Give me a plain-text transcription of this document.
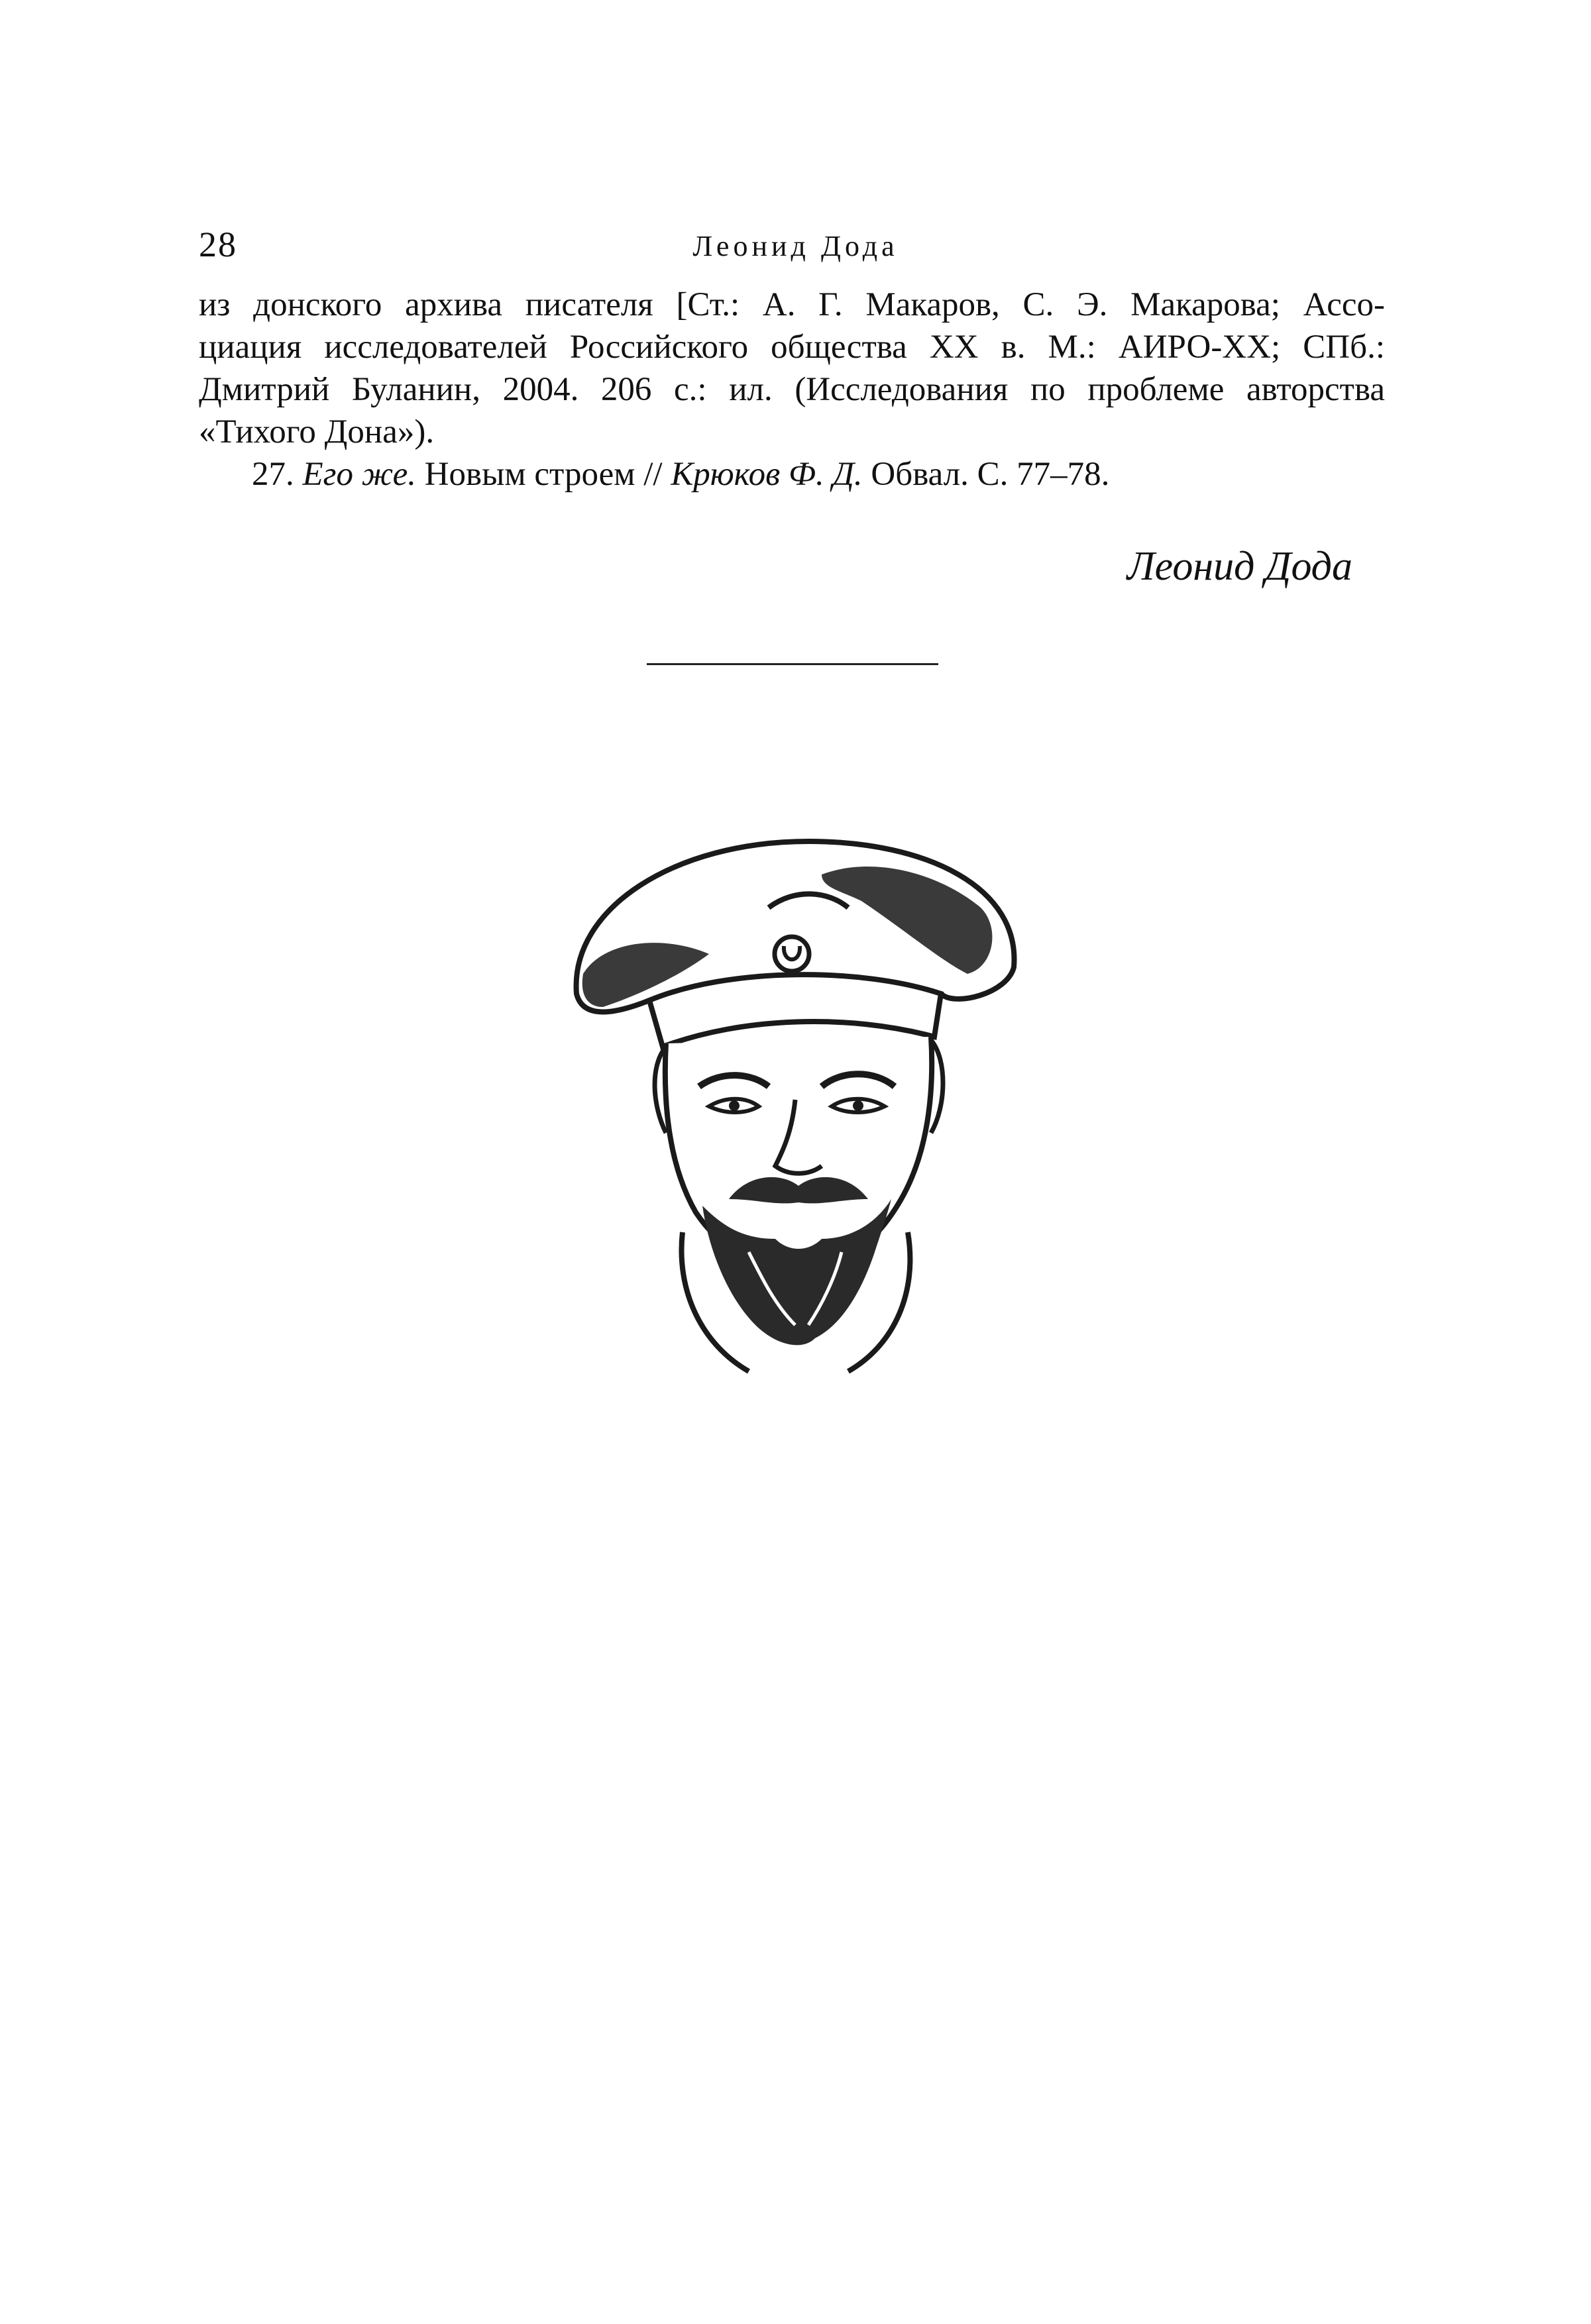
28	Леонид Дода

из донского архива писателя [Ст.: А. Г. Макаров, С. Э. Макарова; Ассо-

циация исследователей Российского общества XX в. М.: АИРО-XX; СПб.:

Дмитрий Буланин, 2004. 206 с.: ил. (Исследования по проблеме авторства

«Тихого Дона»).

27. Его же. Новым строем // Крюков Ф. Д. Обвал. С. 77–78.

Леонид Дода
